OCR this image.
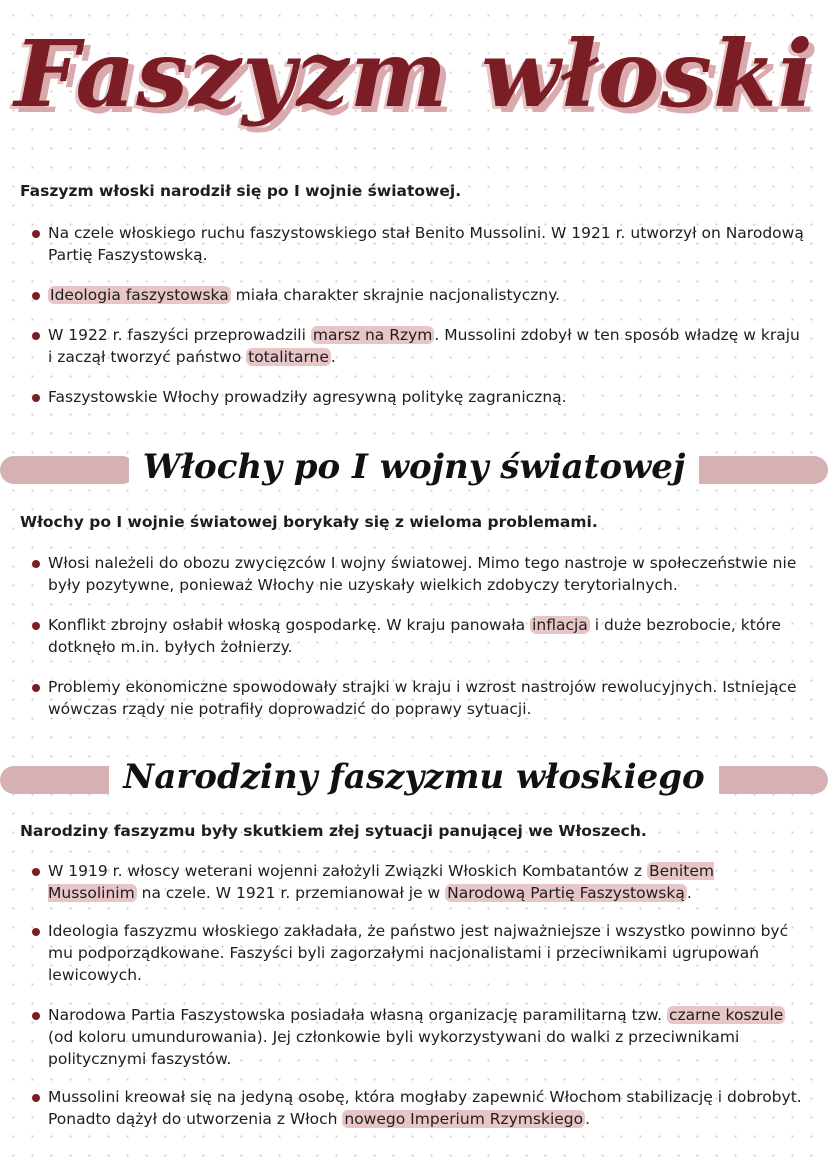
Faszyzm włoski
Faszyzm włoski narodził się po I wojnie światowej.
Na czele włoskiego ruchu faszystowskiego stał Benito Mussolini. W 1921 r. utworzył on Narodową Partię Faszystowską.
Ideologia faszystowska miała charakter skrajnie nacjonalistyczny.
W 1922 r. faszyści przeprowadzili marsz na Rzym . Mussolini zdobył w ten sposób władzę w kraju i zaczął tworzyć państwo totalitarne .
Faszystowskie Włochy prowadziły agresywną politykę zagraniczną.
Włochy po I wojny światowej
Włochy po I wojnie światowej borykały się z wieloma problemami.
Włosi należeli do obozu zwycięzców I wojny światowej. Mimo tego nastroje w społeczeństwie nie były pozytywne, ponieważ Włochy nie uzyskały wielkich zdobyczy terytorialnych.
Konflikt zbrojny osłabił włoską gospodarkę. W kraju panowała inflacja i duże bezrobocie, które dotknęło m.in. byłych żołnierzy.
Problemy ekonomiczne spowodowały strajki w kraju i wzrost nastrojów rewolucyjnych. Istniejące wówczas rządy nie potrafiły doprowadzić do poprawy sytuacji.
Narodziny faszyzmu włoskiego
Narodziny faszyzmu były skutkiem złej sytuacji panującej we Włoszech.
W 1919 r. włoscy weterani wojenni założyli Związki Włoskich Kombatantów z Benitem Mussolinim na czele. W 1921 r. przemianował je w Narodową Partię Faszystowską .
Ideologia faszyzmu włoskiego zakładała, że państwo jest najważniejsze i wszystko powinno być mu podporządkowane. Faszyści byli zagorzałymi nacjonalistami i przeciwnikami ugrupowań lewicowych.
Narodowa Partia Faszystowska posiadała własną organizację paramilitarną tzw. czarne koszule (od koloru umundurowania). Jej członkowie byli wykorzystywani do walki z przeciwnikami politycznymi faszystów.
Mussolini kreował się na jedyną osobę, która mogłaby zapewnić Włochom stabilizację i dobrobyt. Ponadto dążył do utworzenia z Włoch nowego Imperium Rzymskiego .
